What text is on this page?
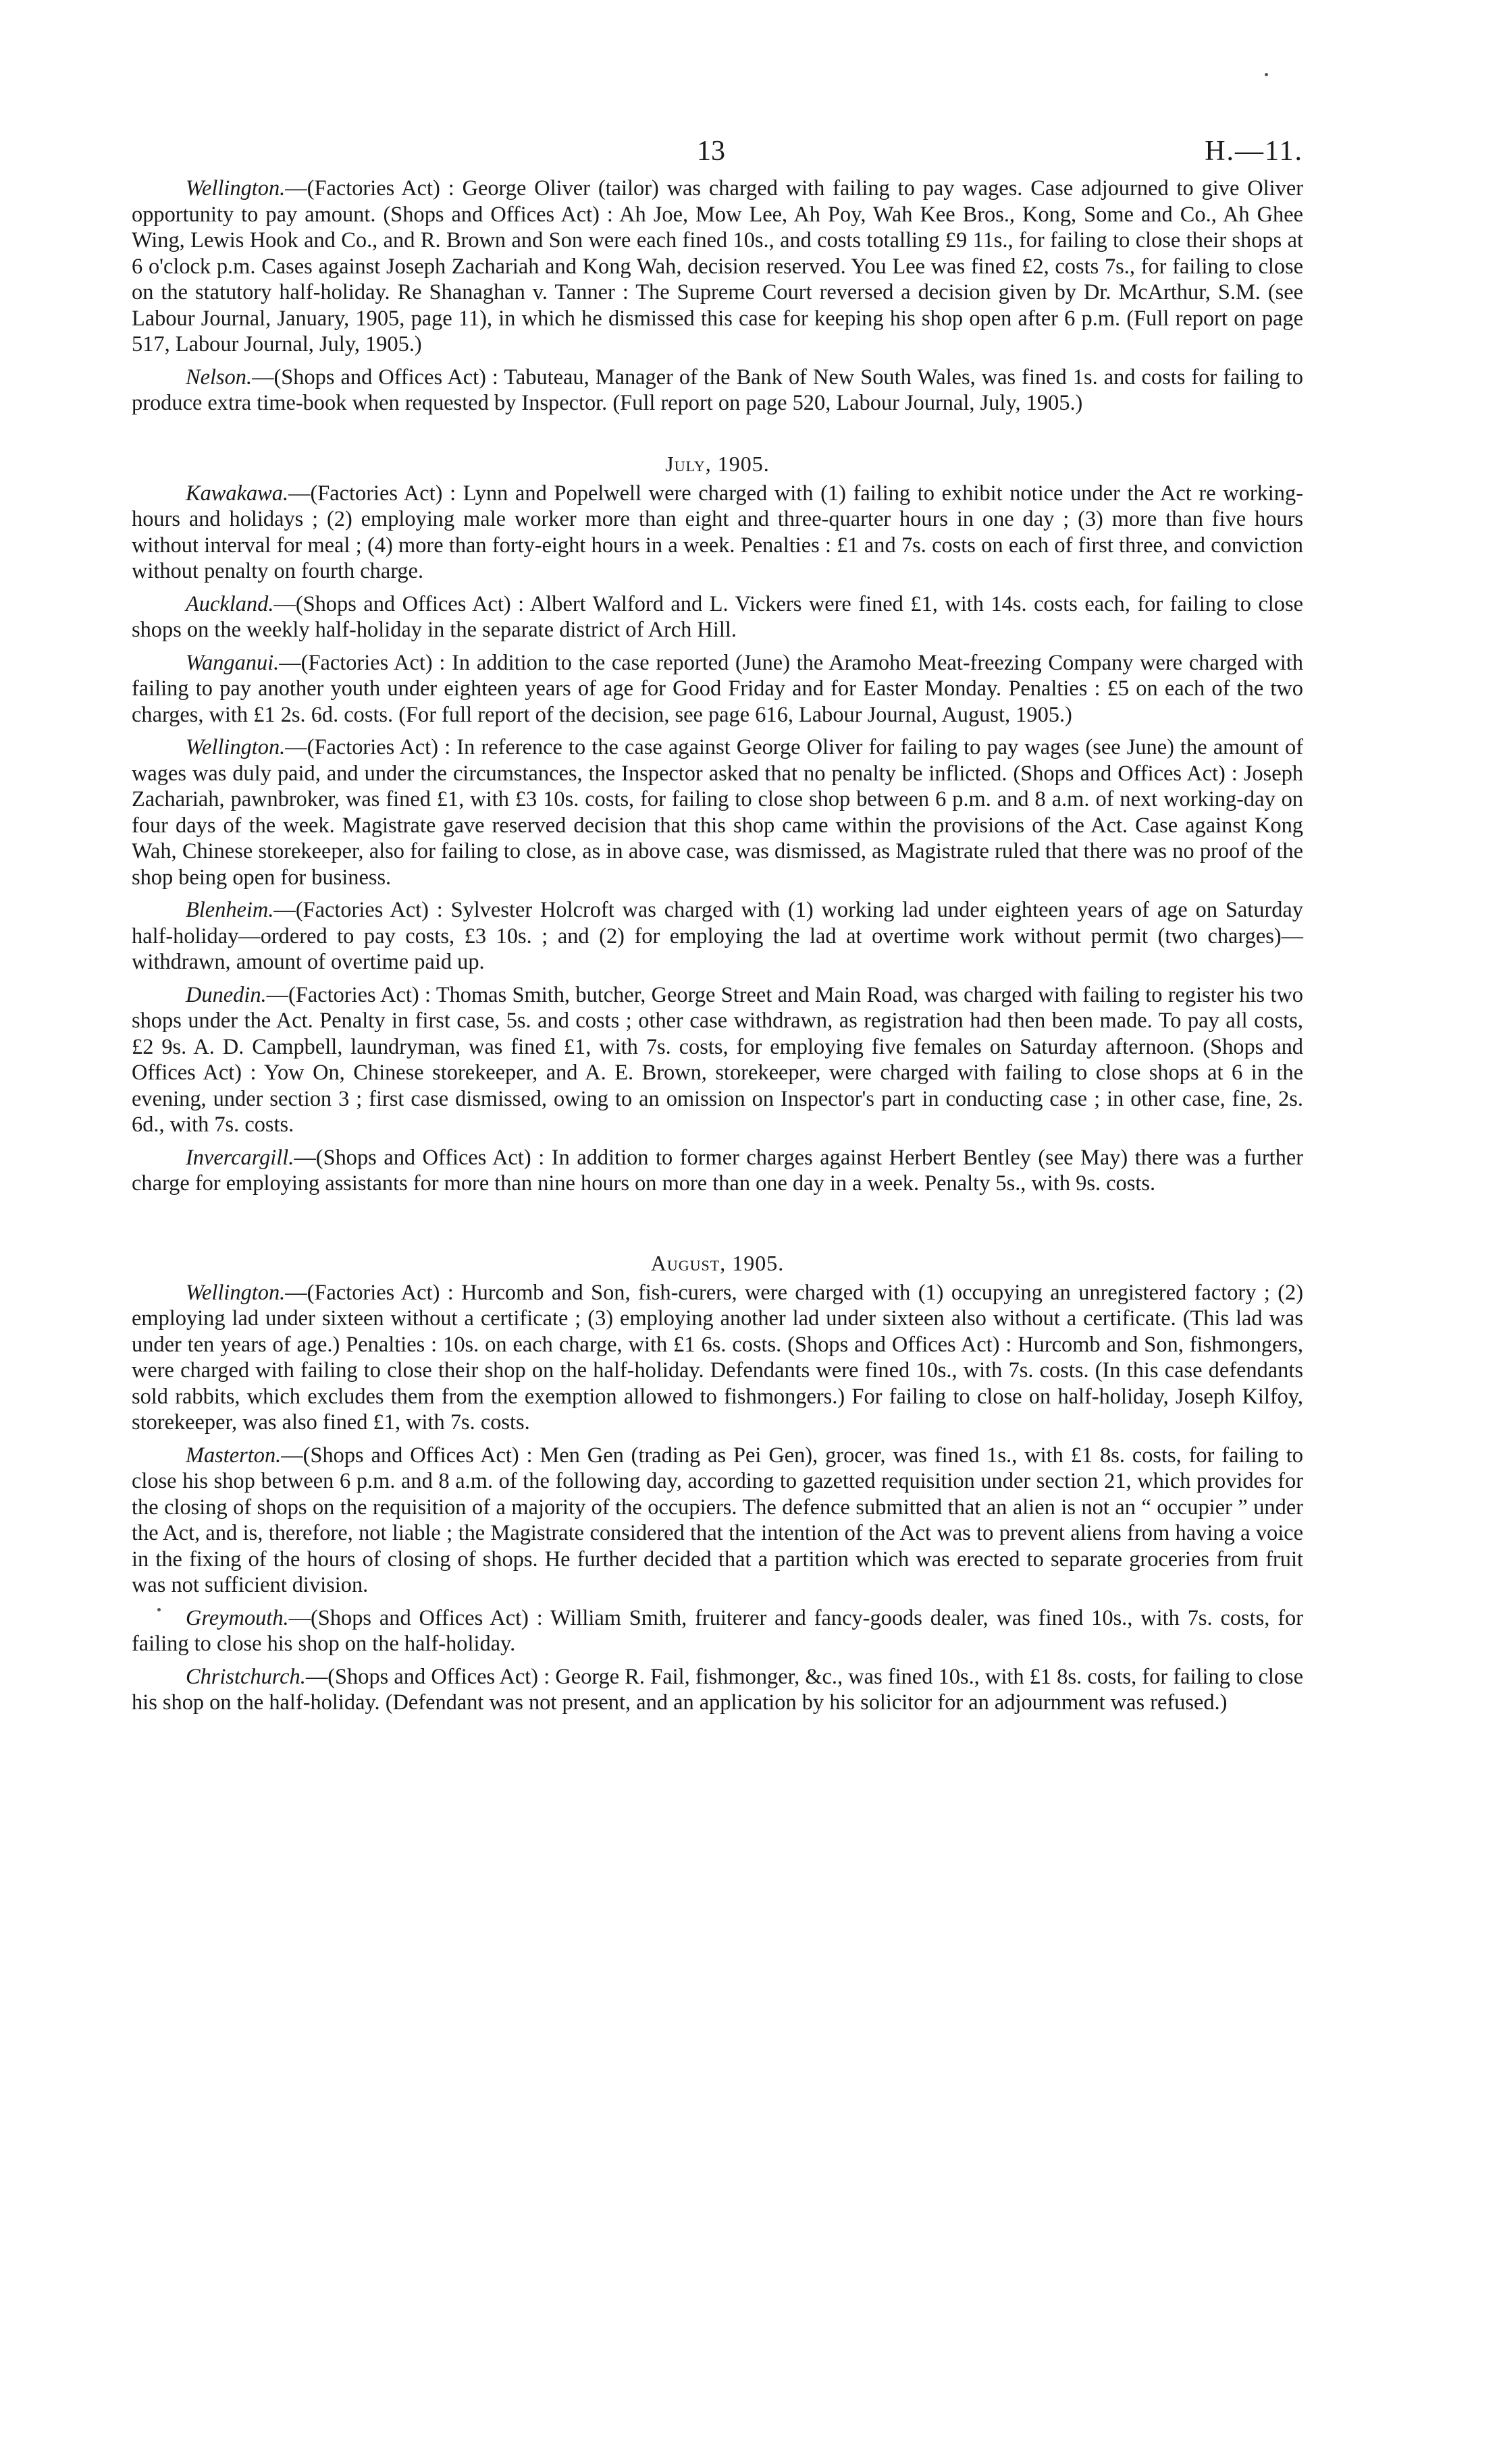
13	H.—11.

Wellington.—(Factories Act) : George Oliver (tailor) was charged with failing to pay wages. Case adjourned to give Oliver opportunity to pay amount. (Shops and Offices Act) : Ah Joe, Mow Lee, Ah Poy, Wah Kee Bros., Kong, Some and Co., Ah Ghee Wing, Lewis Hook and Co., and R. Brown and Son were each fined 10s., and costs totalling £9 11s., for failing to close their shops at 6 o'clock p.m. Cases against Joseph Zachariah and Kong Wah, decision reserved. You Lee was fined £2, costs 7s., for failing to close on the statutory half-holiday. Re Shanaghan v. Tanner : The Supreme Court reversed a decision given by Dr. McArthur, S.M. (see Labour Journal, January, 1905, page 11), in which he dismissed this case for keeping his shop open after 6 p.m. (Full report on page 517, Labour Journal, July, 1905.)

Nelson.—(Shops and Offices Act) : Tabuteau, Manager of the Bank of New South Wales, was fined 1s. and costs for failing to produce extra time-book when requested by Inspector. (Full report on page 520, Labour Journal, July, 1905.)

July, 1905.

Kawakawa.—(Factories Act) : Lynn and Popelwell were charged with (1) failing to exhibit notice under the Act re working-hours and holidays ; (2) employing male worker more than eight and three-quarter hours in one day ; (3) more than five hours without interval for meal ; (4) more than forty-eight hours in a week. Penalties : £1 and 7s. costs on each of first three, and conviction without penalty on fourth charge.

Auckland.—(Shops and Offices Act) : Albert Walford and L. Vickers were fined £1, with 14s. costs each, for failing to close shops on the weekly half-holiday in the separate district of Arch Hill.

Wanganui.—(Factories Act) : In addition to the case reported (June) the Aramoho Meat-freezing Company were charged with failing to pay another youth under eighteen years of age for Good Friday and for Easter Monday. Penalties : £5 on each of the two charges, with £1 2s. 6d. costs. (For full report of the decision, see page 616, Labour Journal, August, 1905.)

Wellington.—(Factories Act) : In reference to the case against George Oliver for failing to pay wages (see June) the amount of wages was duly paid, and under the circumstances, the Inspector asked that no penalty be inflicted. (Shops and Offices Act) : Joseph Zachariah, pawnbroker, was fined £1, with £3 10s. costs, for failing to close shop between 6 p.m. and 8 a.m. of next working-day on four days of the week. Magistrate gave reserved decision that this shop came within the provisions of the Act. Case against Kong Wah, Chinese storekeeper, also for failing to close, as in above case, was dismissed, as Magistrate ruled that there was no proof of the shop being open for business.

Blenheim.—(Factories Act) : Sylvester Holcroft was charged with (1) working lad under eighteen years of age on Saturday half-holiday—ordered to pay costs, £3 10s. ; and (2) for employing the lad at overtime work without permit (two charges)—withdrawn, amount of overtime paid up.

Dunedin.—(Factories Act) : Thomas Smith, butcher, George Street and Main Road, was charged with failing to register his two shops under the Act. Penalty in first case, 5s. and costs ; other case withdrawn, as registration had then been made. To pay all costs, £2 9s. A. D. Campbell, laundryman, was fined £1, with 7s. costs, for employing five females on Saturday afternoon. (Shops and Offices Act) : Yow On, Chinese storekeeper, and A. E. Brown, storekeeper, were charged with failing to close shops at 6 in the evening, under section 3 ; first case dismissed, owing to an omission on Inspector's part in conducting case ; in other case, fine, 2s. 6d., with 7s. costs.

Invercargill.—(Shops and Offices Act) : In addition to former charges against Herbert Bentley (see May) there was a further charge for employing assistants for more than nine hours on more than one day in a week. Penalty 5s., with 9s. costs.

August, 1905.

Wellington.—(Factories Act) : Hurcomb and Son, fish-curers, were charged with (1) occupying an unregistered factory ; (2) employing lad under sixteen without a certificate ; (3) employing another lad under sixteen also without a certificate. (This lad was under ten years of age.) Penalties : 10s. on each charge, with £1 6s. costs. (Shops and Offices Act) : Hurcomb and Son, fishmongers, were charged with failing to close their shop on the half-holiday. Defendants were fined 10s., with 7s. costs. (In this case defendants sold rabbits, which excludes them from the exemption allowed to fishmongers.) For failing to close on half-holiday, Joseph Kilfoy, storekeeper, was also fined £1, with 7s. costs.

Masterton.—(Shops and Offices Act) : Men Gen (trading as Pei Gen), grocer, was fined 1s., with £1 8s. costs, for failing to close his shop between 6 p.m. and 8 a.m. of the following day, according to gazetted requisition under section 21, which provides for the closing of shops on the requisition of a majority of the occupiers. The defence submitted that an alien is not an “ occupier ” under the Act, and is, therefore, not liable ; the Magistrate considered that the intention of the Act was to prevent aliens from having a voice in the fixing of the hours of closing of shops. He further decided that a partition which was erected to separate groceries from fruit was not sufficient division.

Greymouth.—(Shops and Offices Act) : William Smith, fruiterer and fancy-goods dealer, was fined 10s., with 7s. costs, for failing to close his shop on the half-holiday.

Christchurch.—(Shops and Offices Act) : George R. Fail, fishmonger, &c., was fined 10s., with £1 8s. costs, for failing to close his shop on the half-holiday. (Defendant was not present, and an application by his solicitor for an adjournment was refused.)
